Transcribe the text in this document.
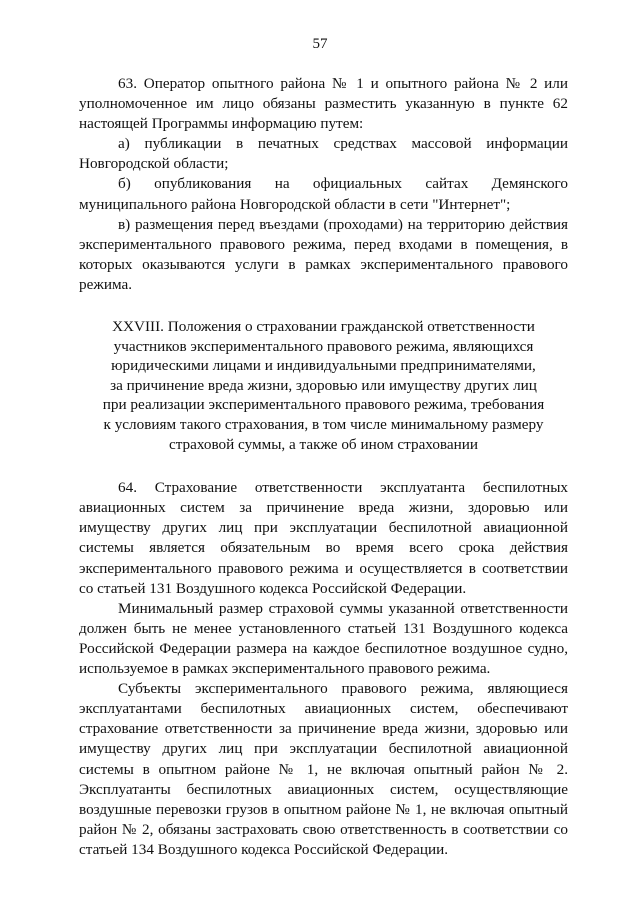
57

63. Оператор опытного района № 1 и опытного района № 2 или уполномоченное им лицо обязаны разместить указанную в пункте 62 настоящей Программы информацию путем:

а) публикации в печатных средствах массовой информации Новгородской области;

б) опубликования на официальных сайтах Демянского муниципального района Новгородской области в сети "Интернет";

в) размещения перед въездами (проходами) на территорию действия экспериментального правового режима, перед входами в помещения, в которых оказываются услуги в рамках экспериментального правового режима.

XXVIII. Положения о страховании гражданской ответственности
участников экспериментального правового режима, являющихся
юридическими лицами и индивидуальными предпринимателями,
за причинение вреда жизни, здоровью или имуществу других лиц
при реализации экспериментального правового режима, требования
к условиям такого страхования, в том числе минимальному размеру
страховой суммы, а также об ином страховании

64. Страхование ответственности эксплуатанта беспилотных авиационных систем за причинение вреда жизни, здоровью или имуществу других лиц при эксплуатации беспилотной авиационной системы является обязательным во время всего срока действия экспериментального правового режима и осуществляется в соответствии со статьей 131 Воздушного кодекса Российской Федерации.

Минимальный размер страховой суммы указанной ответственности должен быть не менее установленного статьей 131 Воздушного кодекса Российской Федерации размера на каждое беспилотное воздушное судно, используемое в рамках экспериментального правового режима.

Субъекты экспериментального правового режима, являющиеся эксплуатантами беспилотных авиационных систем, обеспечивают страхование ответственности за причинение вреда жизни, здоровью или имуществу других лиц при эксплуатации беспилотной авиационной системы в опытном районе № 1, не включая опытный район № 2. Эксплуатанты беспилотных авиационных систем, осуществляющие воздушные перевозки грузов в опытном районе № 1, не включая опытный район № 2, обязаны застраховать свою ответственность в соответствии со статьей 134 Воздушного кодекса Российской Федерации.
